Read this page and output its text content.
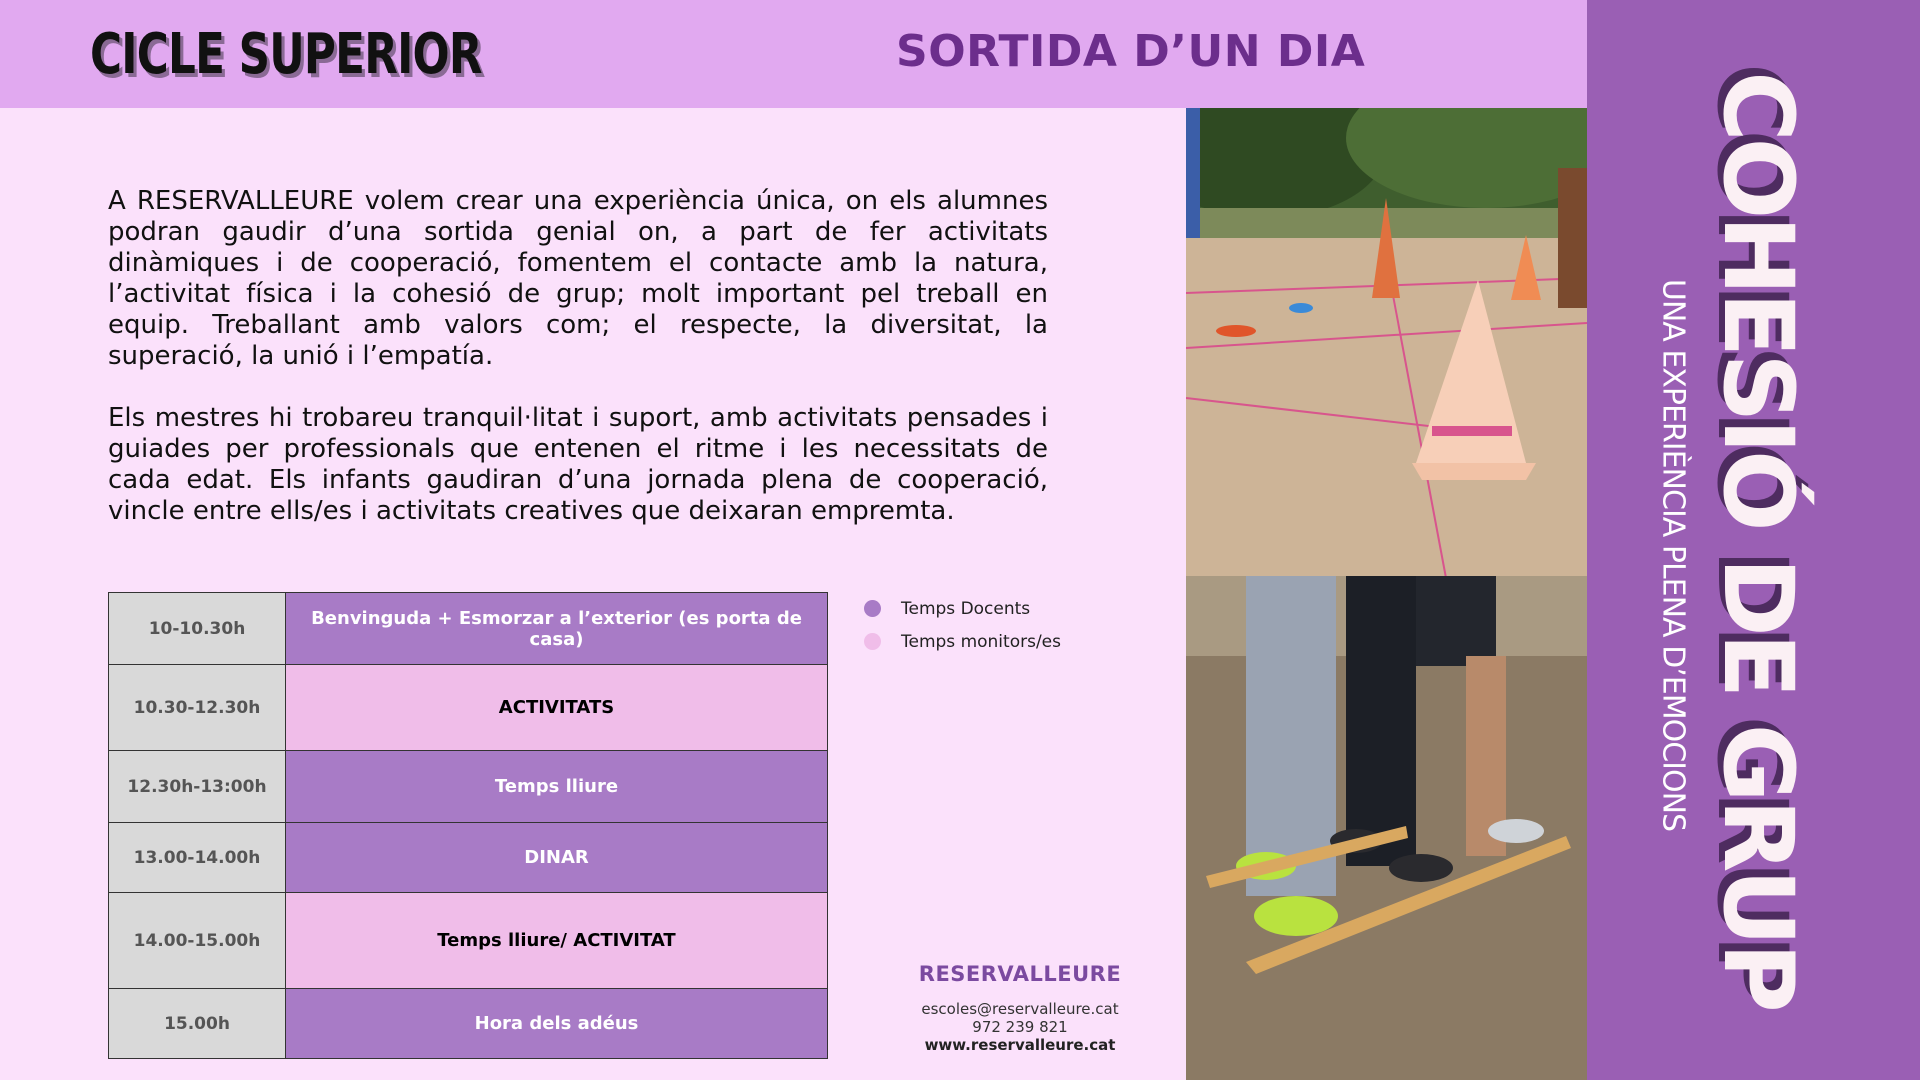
CICLE SUPERIOR	SORTIDA D’UN DIA

A RESERVALLEURE volem crear una experiència única, on els alumnes podran gaudir d’una sortida genial on, a part de fer activitats dinàmiques i de cooperació, fomentem el contacte amb la natura, l’activitat física i la cohesió de grup; molt important pel treball en equip. Treballant amb valors com; el respecte, la diversitat, la superació, la unió i l’empatía.

Els mestres hi trobareu tranquil·litat i suport, amb activitats pensades i guiades per professionals que entenen el ritme i les necessitats de cada edat. Els infants gaudiran d’una jornada plena de cooperació, vincle entre ells/es i activitats creatives que deixaran empremta.

10-10.30h	Benvinguda + Esmorzar a l’exterior (es porta de casa)
10.30-12.30h	ACTIVITATS
12.30h-13:00h	Temps lliure
13.00-14.00h	DINAR
14.00-15.00h	Temps lliure/ ACTIVITAT
15.00h	Hora dels adéus
Temps Docents
Temps monitors/es
RESERVALLEURE
escoles@reservalleure.cat
972 239 821
www.reservalleure.cat
COHESIÓ DE GRUP
UNA EXPERIÈNCIA PLENA D’EMOCIONS
